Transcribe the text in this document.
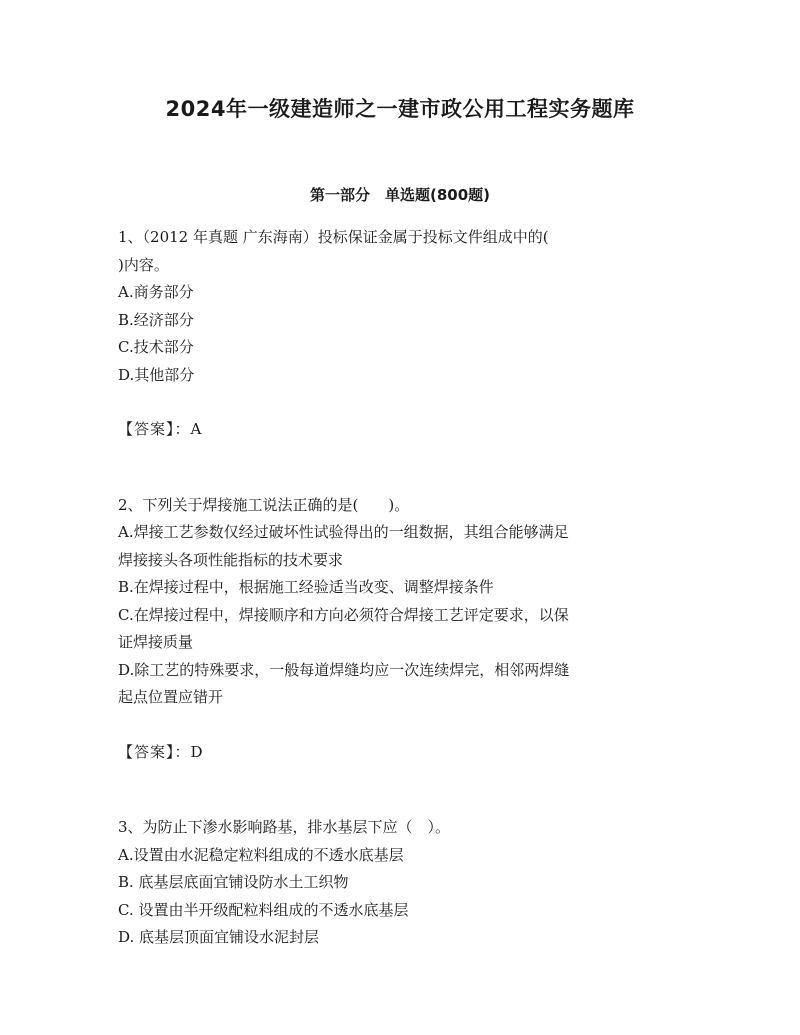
2024年一级建造师之一建市政公用工程实务题库
第一部分　单选题(800题)

1、（2012 年真题 广东海南）投标保证金属于投标文件组成中的(

)内容。

A.商务部分

B.经济部分

C.技术部分

D.其他部分

【答案】：A

2、下列关于焊接施工说法正确的是(　　)。

A.焊接工艺参数仅经过破坏性试验得出的一组数据，其组合能够满足

焊接接头各项性能指标的技术要求

B.在焊接过程中，根据施工经验适当改变、调整焊接条件

C.在焊接过程中，焊接顺序和方向必须符合焊接工艺评定要求，以保

证焊接质量

D.除工艺的特殊要求，一般每道焊缝均应一次连续焊完，相邻两焊缝

起点位置应错开

【答案】：D

3、为防止下渗水影响路基，排水基层下应（　）。

A.设置由水泥稳定粒料组成的不透水底基层

B. 底基层底面宜铺设防水土工织物

C. 设置由半开级配粒料组成的不透水底基层

D. 底基层顶面宜铺设水泥封层
